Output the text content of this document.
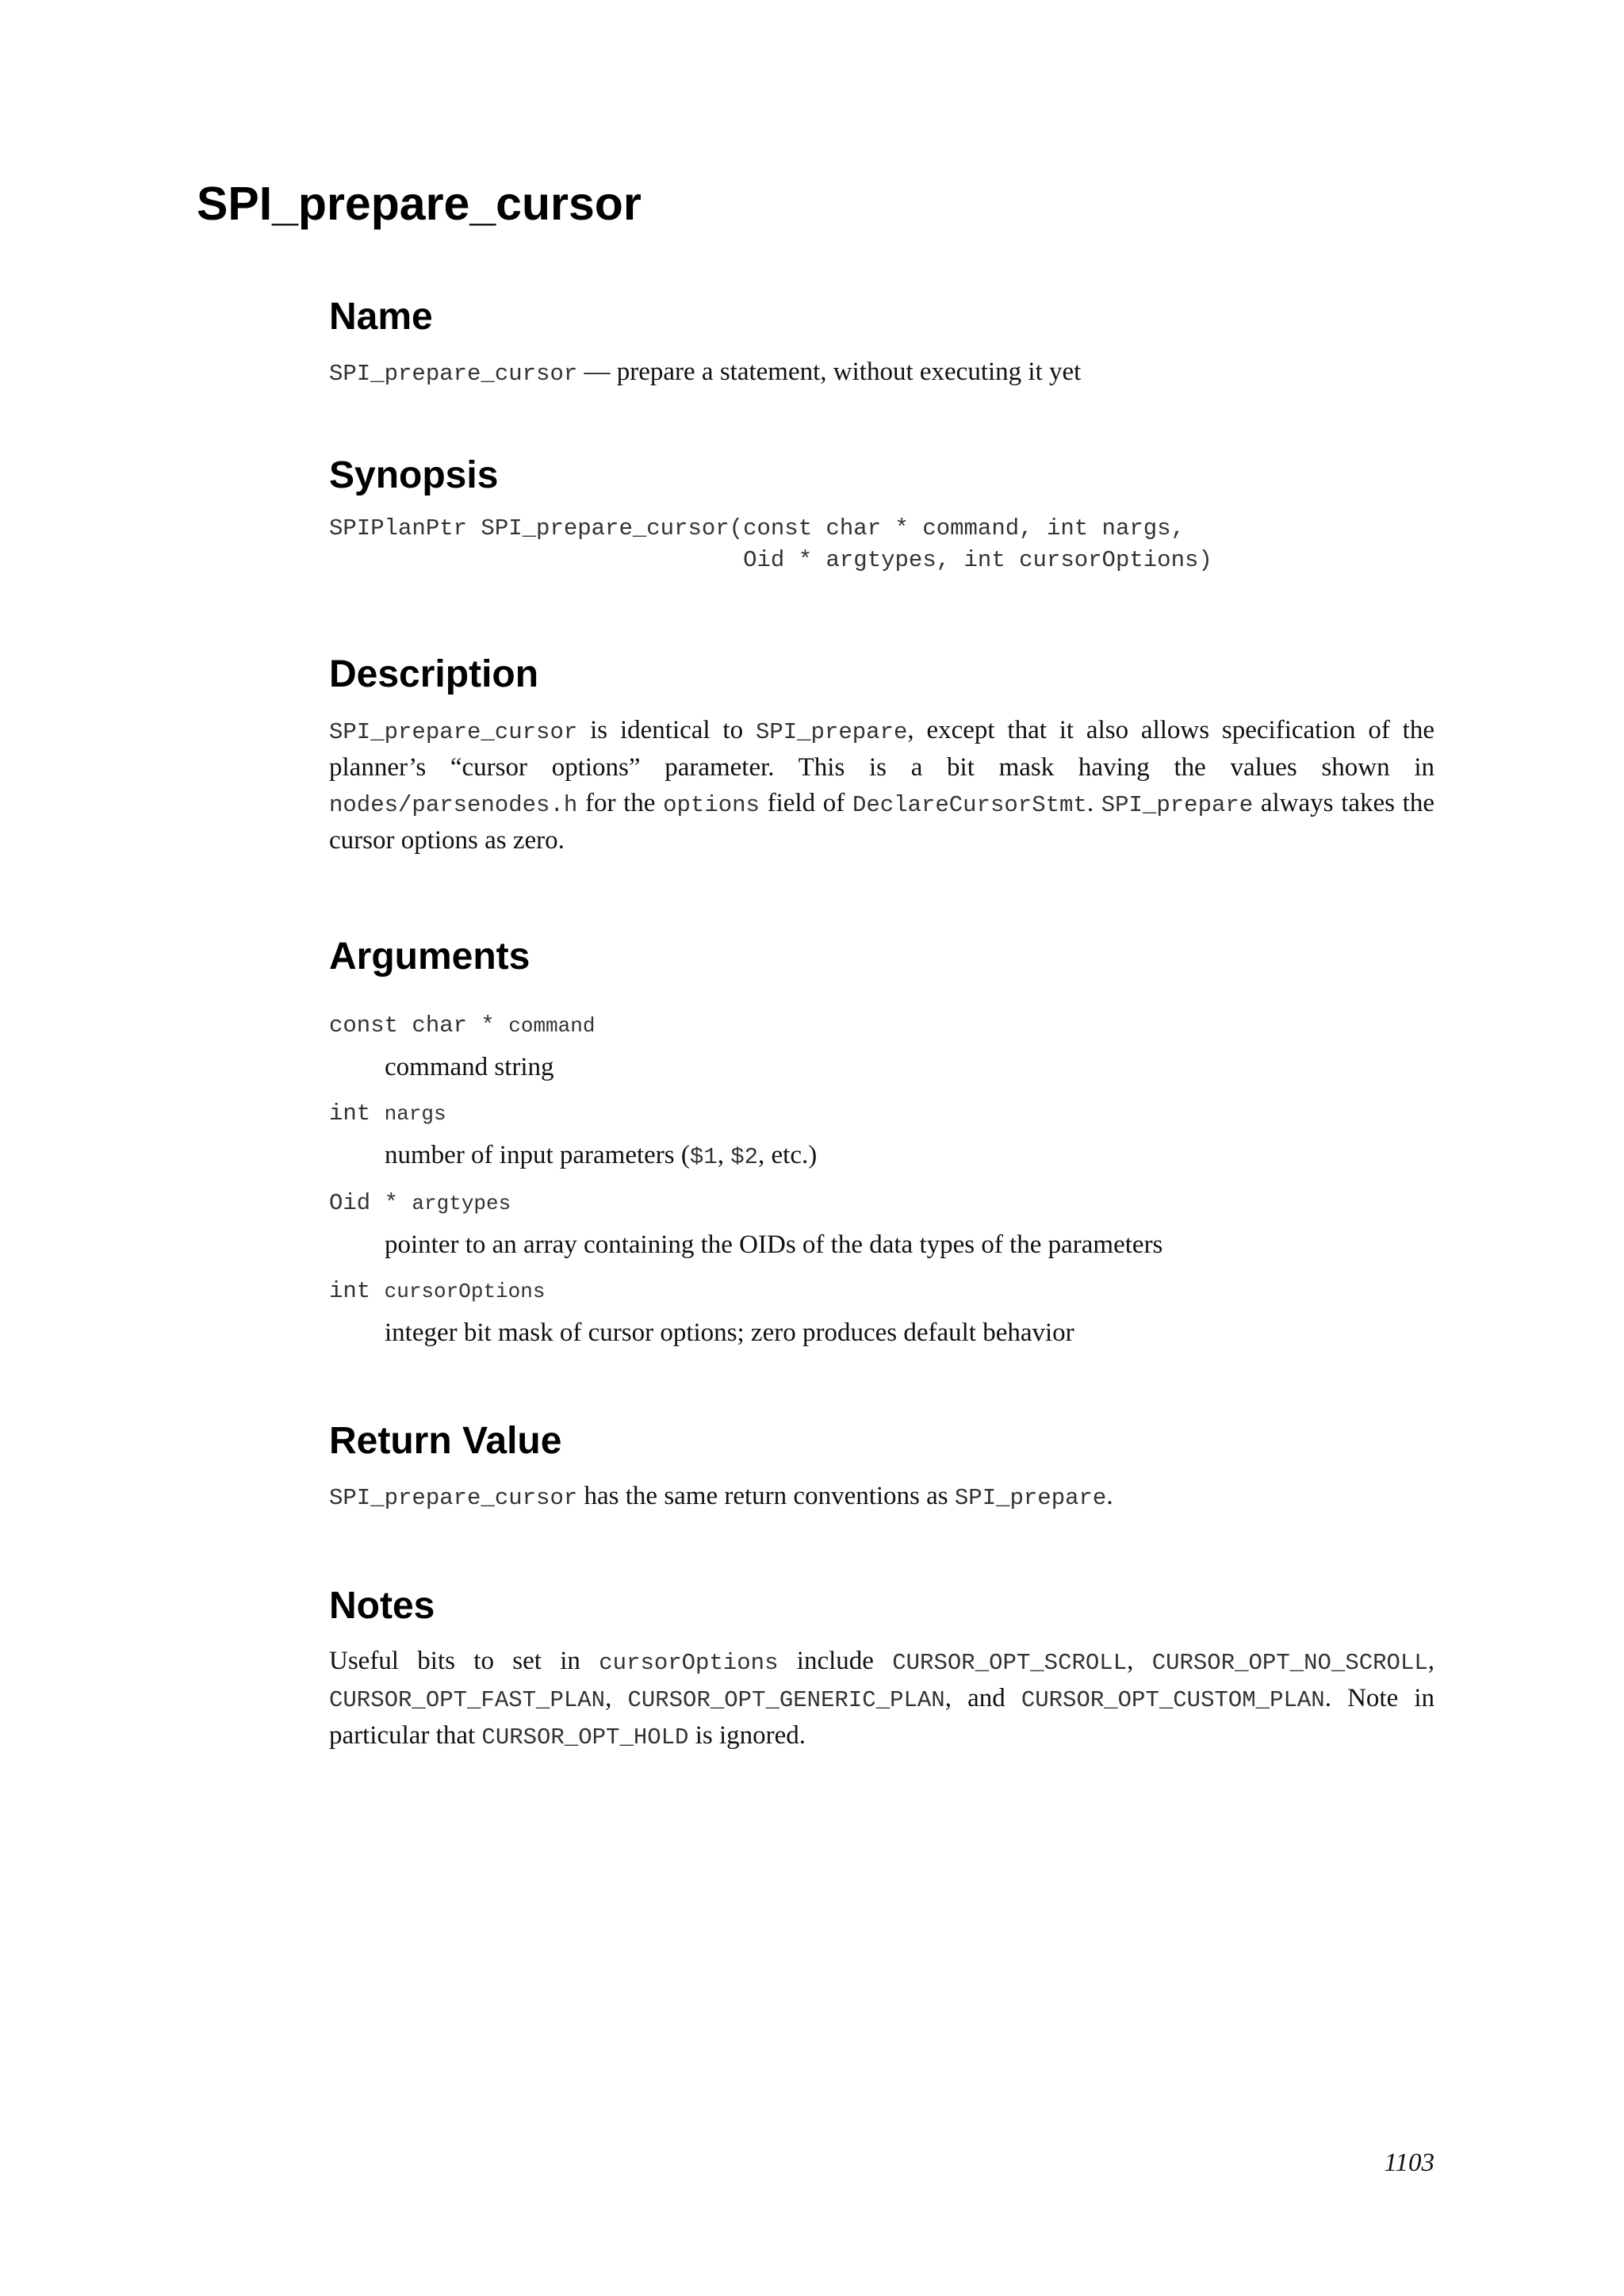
SPI_prepare_cursor
Name

SPI_prepare_cursor — prepare a statement, without executing it yet

Synopsis
SPIPlanPtr SPI_prepare_cursor(const char * command, int nargs,
Oid * argtypes, int cursorOptions)
Description

SPI_prepare_cursor is identical to SPI_prepare, except that it also allows specification of the planner’s “cursor options” parameter. This is a bit mask having the values shown in nodes/parsenodes.h for the options field of DeclareCursorStmt. SPI_prepare always takes the cursor options as zero.

Arguments
const char * command
command string
int nargs
number of input parameters ($1, $2, etc.)
Oid * argtypes
pointer to an array containing the OIDs of the data types of the parameters
int cursorOptions
integer bit mask of cursor options; zero produces default behavior
Return Value

SPI_prepare_cursor has the same return conventions as SPI_prepare.

Notes

Useful bits to set in cursorOptions include CURSOR_OPT_SCROLL, CURSOR_OPT_NO_SCROLL, CURSOR_OPT_FAST_PLAN, CURSOR_OPT_GENERIC_PLAN, and CURSOR_OPT_CUSTOM_PLAN. Note in particular that CURSOR_OPT_HOLD is ignored.

1103
